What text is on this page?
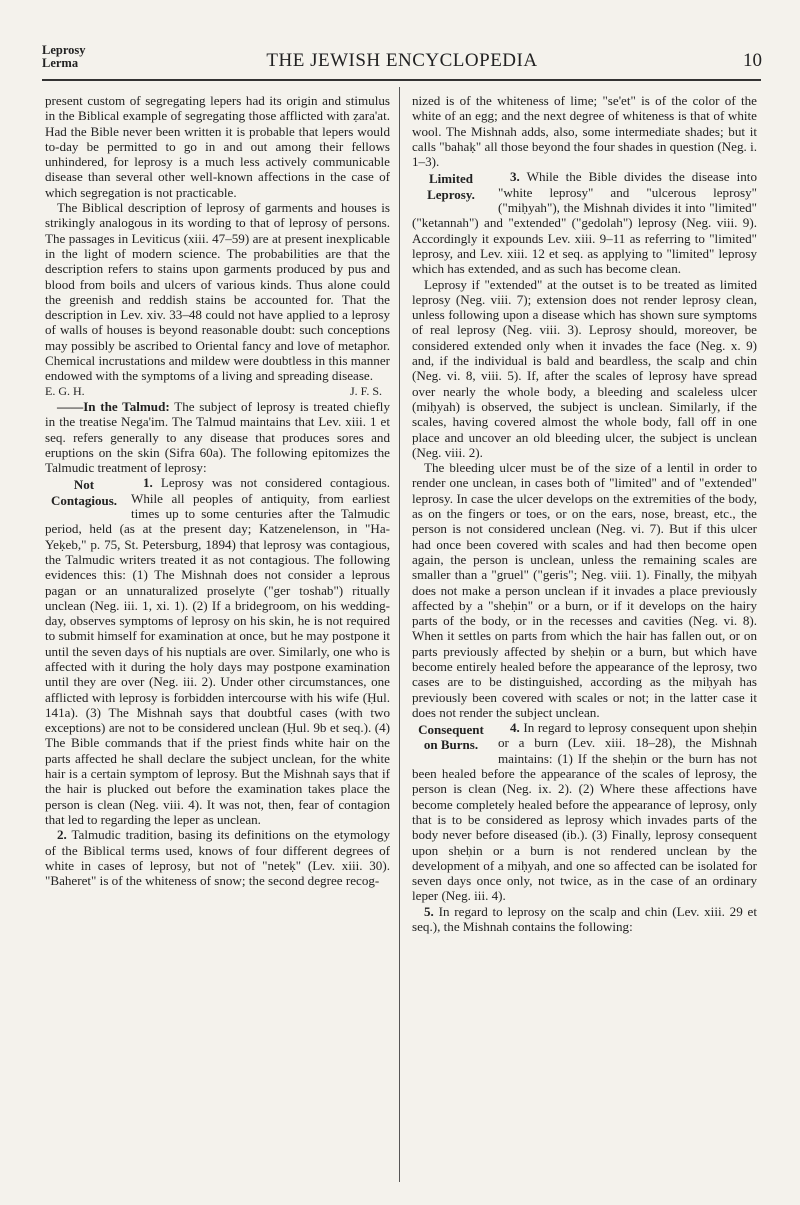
Leprosy
Lerma	THE JEWISH ENCYCLOPEDIA	10

present custom of segregating lepers had its origin and stimulus in the Biblical example of segregating those afflicted with ẓara'at. Had the Bible never been written it is probable that lepers would to-day be permitted to go in and out among their fellows unhindered, for leprosy is a much less actively communicable disease than several other well-known affections in the case of which segregation is not practicable.

The Biblical description of leprosy of garments and houses is strikingly analogous in its wording to that of leprosy of persons. The passages in Leviticus (xiii. 47–59) are at present inexplicable in the light of modern science. The probabilities are that the description refers to stains upon garments produced by pus and blood from boils and ulcers of various kinds. Thus alone could the greenish and reddish stains be accounted for. That the description in Lev. xiv. 33–48 could not have applied to a leprosy of walls of houses is beyond reasonable doubt: such conceptions may possibly be ascribed to Oriental fancy and love of metaphor. Chemical incrustations and mildew were doubtless in this manner endowed with the symptoms of a living and spreading disease.

E. G. H.	J. F. S.

——In the Talmud: The subject of leprosy is treated chiefly in the treatise Nega'im. The Talmud maintains that Lev. xiii. 1 et seq. refers generally to any disease that produces sores and eruptions on the skin (Sifra 60a). The following epitomizes the Talmudic treatment of leprosy:

Not Contagious.
1. Leprosy was not considered contagious. While all peoples of antiquity, from earliest times up to some centuries after the Talmudic period, held (as at the present day; Katzenelenson, in "Ha-Yeḳeb," p. 75, St. Petersburg, 1894) that leprosy was contagious, the Talmudic writers treated it as not contagious. The following evidences this: (1) The Mishnah does not consider a leprous pagan or an unnaturalized proselyte ("ger toshab") ritually unclean (Neg. iii. 1, xi. 1). (2) If a bridegroom, on his wedding-day, observes symptoms of leprosy on his skin, he is not required to submit himself for examination at once, but he may postpone it until the seven days of his nuptials are over. Similarly, one who is affected with it during the holy days may postpone examination until they are over (Neg. iii. 2). Under other circumstances, one afflicted with leprosy is forbidden intercourse with his wife (Ḥul. 141a). (3) The Mishnah says that doubtful cases (with two exceptions) are not to be considered unclean (Ḥul. 9b et seq.). (4) The Bible commands that if the priest finds white hair on the parts affected he shall declare the subject unclean, for the white hair is a certain symptom of leprosy. But the Mishnah says that if the hair is plucked out before the examination takes place the person is clean (Neg. viii. 4). It was not, then, fear of contagion that led to regarding the leper as unclean.

2. Talmudic tradition, basing its definitions on the etymology of the Biblical terms used, knows of four different degrees of white in cases of leprosy, but not of "neteḳ" (Lev. xiii. 30). "Baheret" is of the whiteness of snow; the second degree recog-

nized is of the whiteness of lime; "se'et" is of the color of the white of an egg; and the next degree of whiteness is that of white wool. The Mishnah adds, also, some intermediate shades; but it calls "bahaḳ" all those beyond the four shades in question (Neg. i. 1–3).

Limited Leprosy.
3. While the Bible divides the disease into "white leprosy" and "ulcerous leprosy" ("miḥyah"), the Mishnah divides it into "limited" ("ketannah") and "extended" ("gedolah") leprosy (Neg. viii. 9). Accordingly it expounds Lev. xiii. 9–11 as referring to "limited" leprosy, and Lev. xiii. 12 et seq. as applying to "limited" leprosy which has extended, and as such has become clean.

Leprosy if "extended" at the outset is to be treated as limited leprosy (Neg. viii. 7); extension does not render leprosy clean, unless following upon a disease which has shown sure symptoms of real leprosy (Neg. viii. 3). Leprosy should, moreover, be considered extended only when it invades the face (Neg. x. 9) and, if the individual is bald and beardless, the scalp and chin (Neg. vi. 8, viii. 5). If, after the scales of leprosy have spread over nearly the whole body, a bleeding and scaleless ulcer (miḥyah) is observed, the subject is unclean. Similarly, if the scales, having covered almost the whole body, fall off in one place and uncover an old bleeding ulcer, the subject is unclean (Neg. viii. 2).

The bleeding ulcer must be of the size of a lentil in order to render one unclean, in cases both of "limited" and of "extended" leprosy. In case the ulcer develops on the extremities of the body, as on the fingers or toes, or on the ears, nose, breast, etc., the person is not considered unclean (Neg. vi. 7). But if this ulcer had once been covered with scales and had then become open again, the person is unclean, unless the remaining scales are smaller than a "gruel" ("geris"; Neg. viii. 1). Finally, the miḥyah does not make a person unclean if it invades a place previously affected by a "sheḥin" or a burn, or if it develops on the hairy parts of the body, or in the recesses and cavities (Neg. vi. 8). When it settles on parts from which the hair has fallen out, or on parts previously affected by sheḥin or a burn, but which have become entirely healed before the appearance of the leprosy, two cases are to be distinguished, according as the miḥyah has previously been covered with scales or not; in the latter case it does not render the subject unclean.

Consequent on Burns.
4. In regard to leprosy consequent upon sheḥin or a burn (Lev. xiii. 18–28), the Mishnah maintains: (1) If the sheḥin or the burn has not been healed before the appearance of the scales of leprosy, the person is clean (Neg. ix. 2). (2) Where these affections have become completely healed before the appearance of leprosy, only that is to be considered as leprosy which invades parts of the body never before diseased (ib.). (3) Finally, leprosy consequent upon sheḥin or a burn is not rendered unclean by the development of a miḥyah, and one so affected can be isolated for seven days once only, not twice, as in the case of an ordinary leper (Neg. iii. 4).

5. In regard to leprosy on the scalp and chin (Lev. xiii. 29 et seq.), the Mishnah contains the following:
